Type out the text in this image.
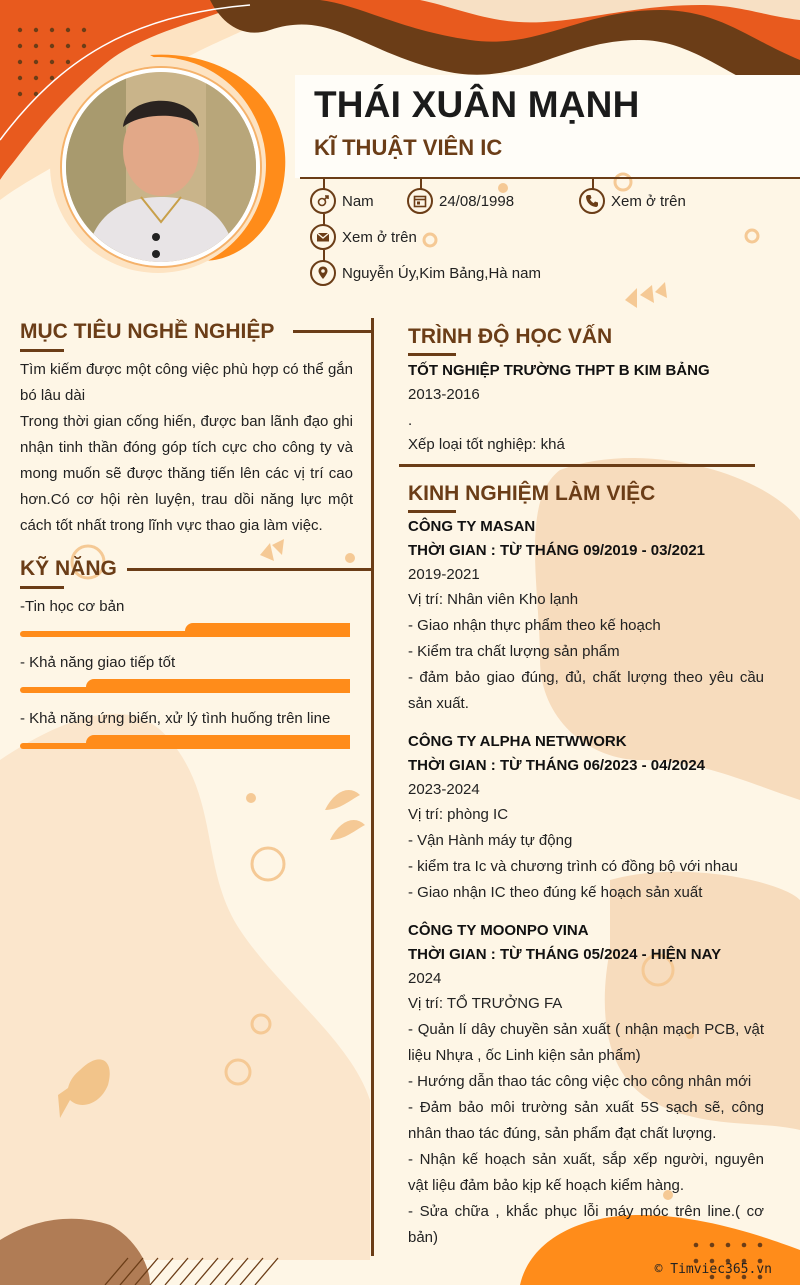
THÁI XUÂN MẠNH
KĨ THUẬT VIÊN IC
Nam	24/08/1998	Xem ở trên
Xem ở trên
Nguyễn Úy,Kim Bảng,Hà nam
MỤC TIÊU NGHỀ NGHIỆP
Tìm kiếm được một công việc phù hợp có thể gắn bó lâu dài
Trong thời gian cống hiến, được ban lãnh đạo ghi nhận tinh thần đóng góp tích cực cho công ty và mong muốn sẽ được thăng tiến lên các vị trí cao hơn.Có cơ hội rèn luyện, trau dồi năng lực một cách tốt nhất trong lĩnh vực thao gia làm việc.
KỸ NĂNG
-Tin học cơ bản
- Khả năng giao tiếp tốt
- Khả năng ứng biến, xử lý tình huống trên line
TRÌNH ĐỘ HỌC VẤN

TỐT NGHIỆP TRƯỜNG THPT B KIM BẢNG

2013-2016

.

Xếp loại tốt nghiệp: khá

KINH NGHIỆM LÀM VIỆC

CÔNG TY MASAN

THỜI GIAN : TỪ THÁNG 09/2019 - 03/2021

2019-2021

Vị trí: Nhân viên Kho lạnh

- Giao nhận thực phẩm theo kế hoạch

- Kiểm tra chất lượng sản phẩm

- đảm bảo giao đúng, đủ, chất lượng theo yêu cầu sản xuất.

CÔNG TY ALPHA NETWWORK

THỜI GIAN : TỪ THÁNG 06/2023 - 04/2024

2023-2024

Vị trí: phòng IC

- Vận Hành máy tự động

- kiểm tra Ic và chương trình có đồng bộ với nhau

- Giao nhận IC theo đúng kế hoạch sản xuất

CÔNG TY MOONPO VINA

THỜI GIAN : TỪ THÁNG 05/2024 - HIỆN NAY

2024

Vị trí: TỔ TRƯỞNG FA

- Quản lí dây chuyền sản xuất ( nhận mạch PCB, vật liệu Nhựa , ốc Linh kiện sản phẩm)

- Hướng dẫn thao tác công việc cho công nhân mới

- Đảm bảo môi trường sản xuất 5S sạch sẽ, công nhân thao tác đúng, sản phẩm đạt chất lượng.

- Nhận kế hoạch sản xuất, sắp xếp người, nguyên vật liệu đảm bảo kịp kế hoạch kiểm hàng.

- Sửa chữa , khắc phục lỗi máy móc trên line.( cơ bản)

© Timviec365.vn
